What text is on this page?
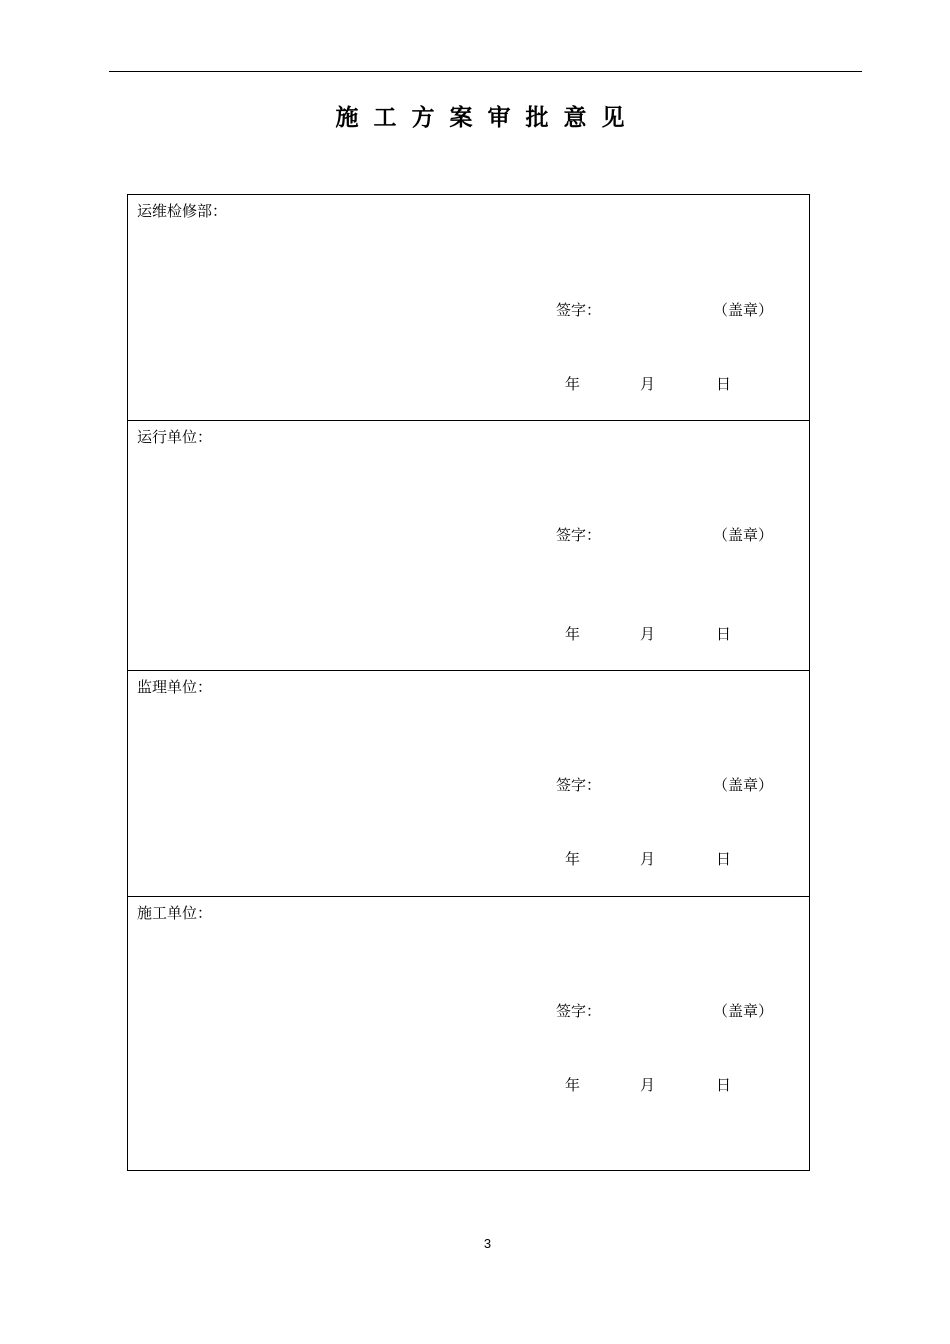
施工方案审批意见
运维检修部：
签字：	（盖章）
年	月	日
运行单位：
签字：	（盖章）
年	月	日
监理单位：
签字：	（盖章）
年	月	日
施工单位：
签字：	（盖章）
年	月	日
3
